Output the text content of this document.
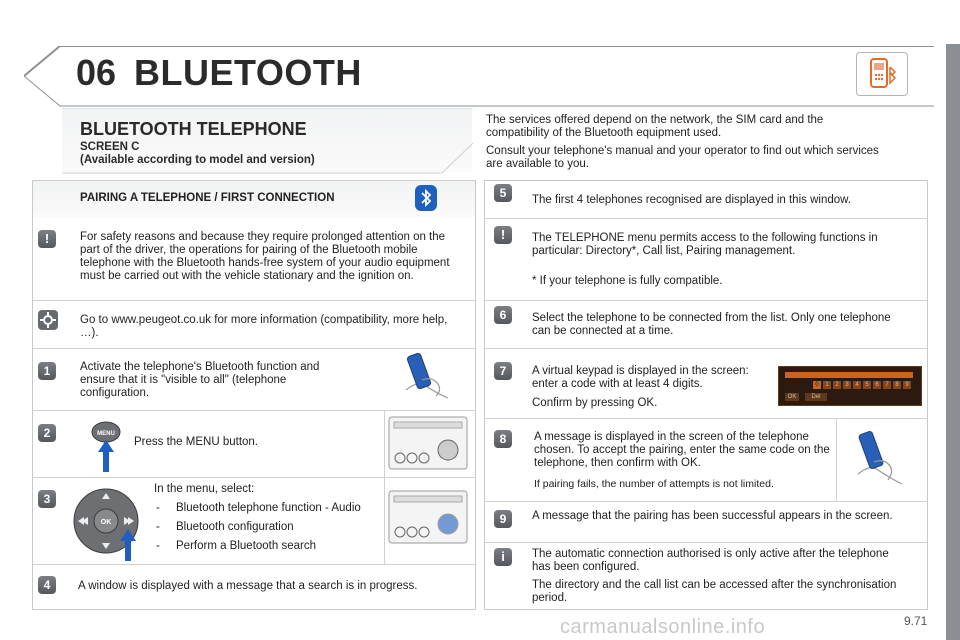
06 BLUETOOTH
BLUETOOTH TELEPHONE
SCREEN C
(Available according to model and version)
The services offered depend on the network, the SIM card and the compatibility of the Bluetooth equipment used.
Consult your telephone's manual and your operator to find out which services are available to you.
PAIRING A TELEPHONE / FIRST CONNECTION
!	For safety reasons and because they require prolonged attention on the part of the driver, the operations for pairing of the Bluetooth mobile telephone with the Bluetooth hands-free system of your audio equipment must be carried out with the vehicle stationary and the ignition on.
Go to www.peugeot.co.uk for more information (compatibility, more help, …).
1	Activate the telephone's Bluetooth function and ensure that it is "visible to all" (telephone configuration.
2	MENU
Press the MENU button.
3
OK
In the menu, select:
- Bluetooth telephone function - Audio
- Bluetooth configuration
- Perform a Bluetooth search
4	A window is displayed with a message that a search is in progress.
5	The first 4 telephones recognised are displayed in this window.
!	The TELEPHONE menu permits access to the following functions in particular: Directory*, Call list, Pairing management.
* If your telephone is fully compatible.
6	Select the telephone to be connected from the list. Only one telephone can be connected at a time.
7	A virtual keypad is displayed in the screen: enter a code with at least 4 digits.
Confirm by pressing OK.
0	1	2	3	4	5	6	7	8	9
OK	Del
8	A message is displayed in the screen of the telephone chosen. To accept the pairing, enter the same code on the telephone, then confirm with OK.
If pairing fails, the number of attempts is not limited.
9	A message that the pairing has been successful appears in the screen.
i	The automatic connection authorised is only active after the telephone has been configured.
The directory and the call list can be accessed after the synchronisation period.
carmanualsonline.info	9.71
